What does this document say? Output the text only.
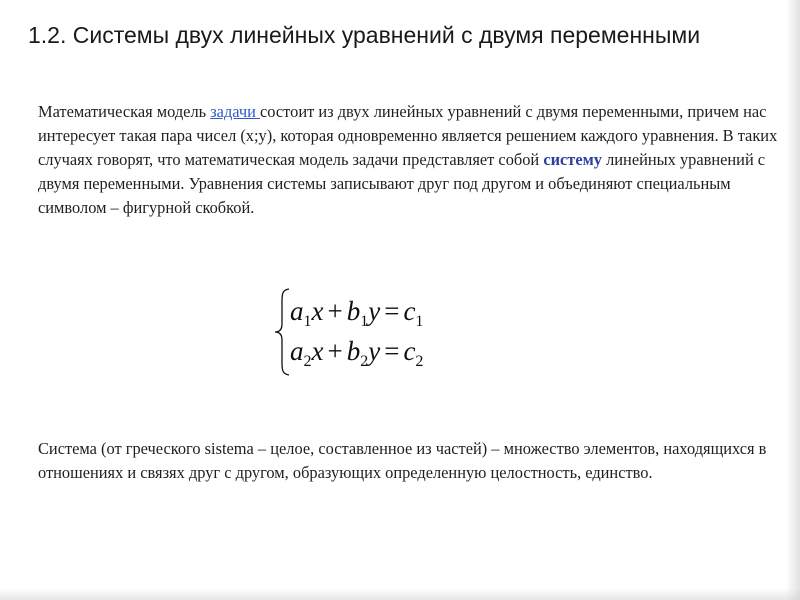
1.2. Системы двух линейных уравнений с двумя переменными
Математическая модель задачи состоит из двух линейных уравнений с двумя переменными, причем нас интересует такая пара чисел (х;у), которая одновременно является решением каждого уравнения. В таких случаях говорят, что математическая модель задачи представляет собой систему линейных уравнений с двумя переменными. Уравнения системы записывают друг под другом и объединяют специальным символом – фигурной скобкой.
$a_1x + b_1y = c_1$
$a_2x + b_2y = c_2$
Система (от греческого sistema – целое, составленное из частей) – множество элементов, находящихся в отношениях и связях друг с другом, образующих определенную целостность, единство.
